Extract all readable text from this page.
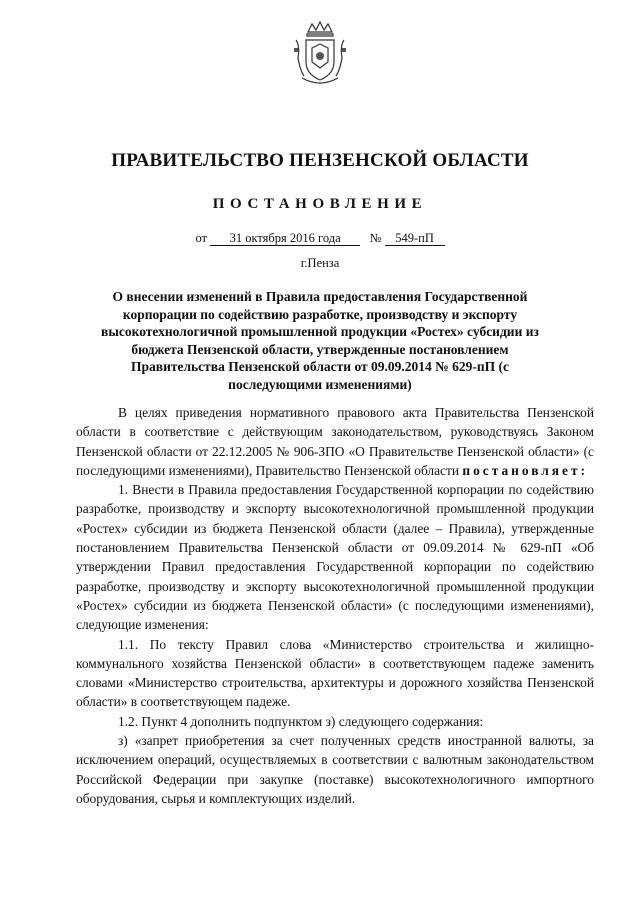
ПРАВИТЕЛЬСТВО ПЕНЗЕНСКОЙ ОБЛАСТИ
ПОСТАНОВЛЕНИЕ
от 31 октября 2016 года № 549-пП
г.Пенза
О внесении изменений в Правила предоставления Государственной корпорации по содействию разработке, производству и экспорту высокотехнологичной промышленной продукции «Ростех» субсидии из бюджета Пензенской области, утвержденные постановлением Правительства Пензенской области от 09.09.2014 № 629-пП (с последующими изменениями)

В целях приведения нормативного правового акта Правительства Пензенской области в соответствие с действующим законодательством, руководствуясь Законом Пензенской области от 22.12.2005 № 906-ЗПО «О Правительстве Пензенской области» (с последующими изменениями), Правительство Пензенской области постановляет:

1. Внести в Правила предоставления Государственной корпорации по содействию разработке, производству и экспорту высокотехнологичной промышленной продукции «Ростех» субсидии из бюджета Пензенской области (далее – Правила), утвержденные постановлением Правительства Пензенской области от 09.09.2014 № 629-пП «Об утверждении Правил предоставления Государственной корпорации по содействию разработке, производству и экспорту высокотехнологичной промышленной продукции «Ростех» субсидии из бюджета Пензенской области» (с последующими изменениями), следующие изменения:

1.1. По тексту Правил слова «Министерство строительства и жилищно-коммунального хозяйства Пензенской области» в соответствующем падеже заменить словами «Министерство строительства, архитектуры и дорожного хозяйства Пензенской области» в соответствующем падеже.

1.2. Пункт 4 дополнить подпунктом з) следующего содержания:

з) «запрет приобретения за счет полученных средств иностранной валюты, за исключением операций, осуществляемых в соответствии с валютным законодательством Российской Федерации при закупке (поставке) высокотехнологичного импортного оборудования, сырья и комплектующих изделий.
